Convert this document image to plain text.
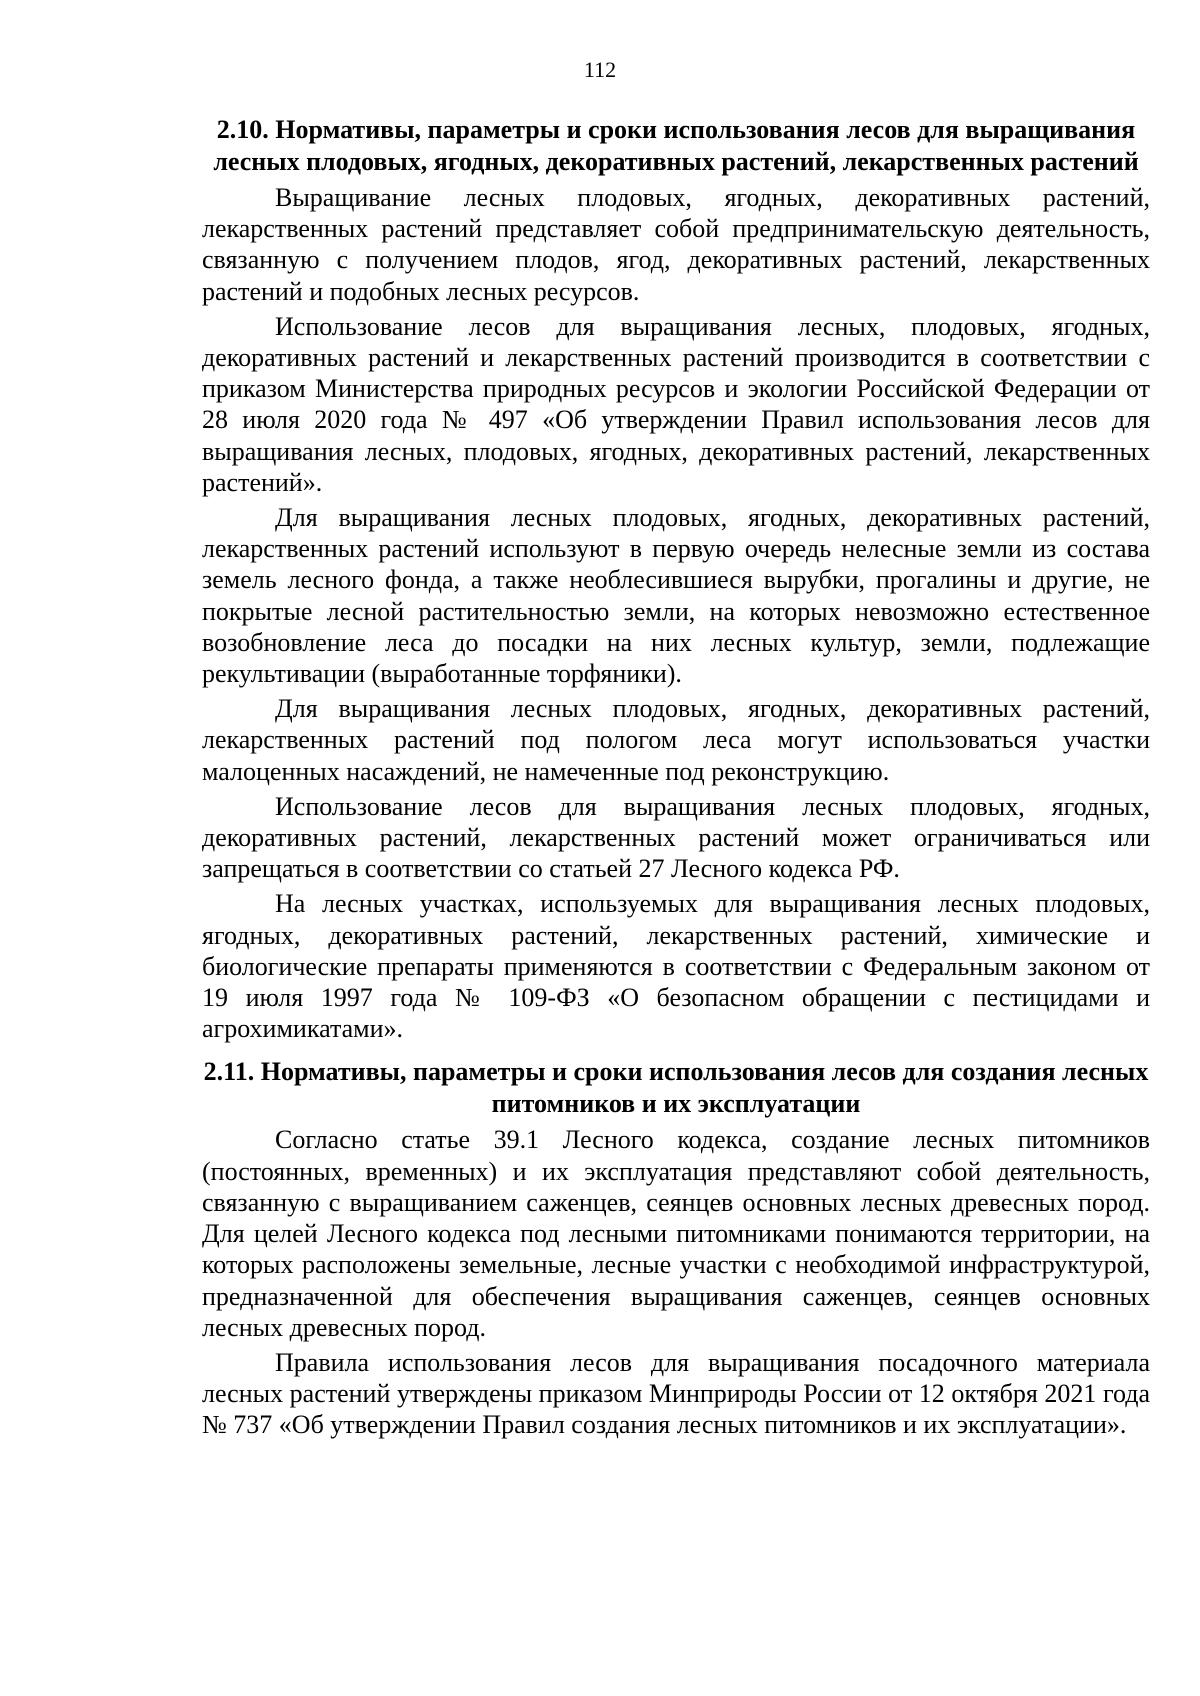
112

2.10. Нормативы, параметры и сроки использования лесов для выращивания лесных плодовых, ягодных, декоративных растений, лекарственных растений

Выращивание лесных плодовых, ягодных, декоративных растений, лекарственных растений представляет собой предпринимательскую деятельность, связанную с получением плодов, ягод, декоративных растений, лекарственных растений и подобных лесных ресурсов.

Использование лесов для выращивания лесных, плодовых, ягодных, декоративных растений и лекарственных растений производится в соответствии с приказом Министерства природных ресурсов и экологии Российской Федерации от 28 июля 2020 года № 497 «Об утверждении Правил использования лесов для выращивания лесных, плодовых, ягодных, декоративных растений, лекарственных растений».

Для выращивания лесных плодовых, ягодных, декоративных растений, лекарственных растений используют в первую очередь нелесные земли из состава земель лесного фонда, а также необлесившиеся вырубки, прогалины и другие, не покрытые лесной растительностью земли, на которых невозможно естественное возобновление леса до посадки на них лесных культур, земли, подлежащие рекультивации (выработанные торфяники).

Для выращивания лесных плодовых, ягодных, декоративных растений, лекарственных растений под пологом леса могут использоваться участки малоценных насаждений, не намеченные под реконструкцию.

Использование лесов для выращивания лесных плодовых, ягодных, декоративных растений, лекарственных растений может ограничиваться или запрещаться в соответствии со статьей 27 Лесного кодекса РФ.

На лесных участках, используемых для выращивания лесных плодовых, ягодных, декоративных растений, лекарственных растений, химические и биологические препараты применяются в соответствии с Федеральным законом от 19 июля 1997 года № 109-ФЗ «О безопасном обращении с пестицидами и агрохимикатами».

2.11. Нормативы, параметры и сроки использования лесов для создания лесных питомников и их эксплуатации

Согласно статье 39.1 Лесного кодекса, создание лесных питомников (постоянных, временных) и их эксплуатация представляют собой деятельность, связанную с выращиванием саженцев, сеянцев основных лесных древесных пород. Для целей Лесного кодекса под лесными питомниками понимаются территории, на которых расположены земельные, лесные участки с необходимой инфраструктурой, предназначенной для обеспечения выращивания саженцев, сеянцев основных лесных древесных пород.

Правила использования лесов для выращивания посадочного материала лесных растений утверждены приказом Минприроды России от 12 октября 2021 года № 737 «Об утверждении Правил создания лесных питомников и их эксплуатации».
